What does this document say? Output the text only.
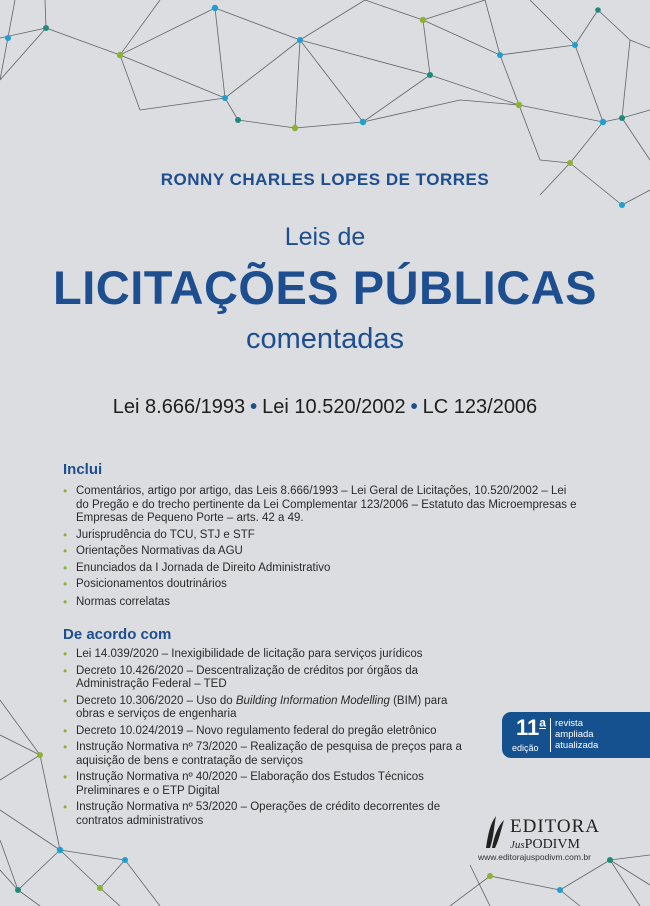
RONNY CHARLES LOPES DE TORRES
Leis de
LICITAÇÕES PÚBLICAS
comentadas
Lei 8.666/1993 • Lei 10.520/2002 • LC 123/2006
Inclui
• Comentários, artigo por artigo, das Leis 8.666/1993 – Lei Geral de Licitações, 10.520/2002 – Lei do Pregão e do trecho pertinente da Lei Complementar 123/2006 – Estatuto das Microempresas e Empresas de Pequeno Porte – arts. 42 a 49.
• Jurisprudência do TCU, STJ e STF
• Orientações Normativas da AGU
• Enunciados da I Jornada de Direito Administrativo
• Posicionamentos doutrinários
• Normas correlatas
De acordo com
• Lei 14.039/2020 – Inexigibilidade de licitação para serviços jurídicos
• Decreto 10.426/2020 – Descentralização de créditos por órgãos da Administração Federal – TED
• Decreto 10.306/2020 – Uso do Building Information Modelling (BIM) para obras e serviços de engenharia
• Decreto 10.024/2019 – Novo regulamento federal do pregão eletrônico
• Instrução Normativa nº 73/2020 – Realização de pesquisa de preços para a aquisição de bens e contratação de serviços
• Instrução Normativa nº 40/2020 – Elaboração dos Estudos Técnicos Preliminares e o ETP Digital
• Instrução Normativa nº 53/2020 – Operações de crédito decorrentes de contratos administrativos
11$^a$
edição
revista
ampliada
atualizada
EDITORA
JusPODIVM
www.editorajuspodivm.com.br
